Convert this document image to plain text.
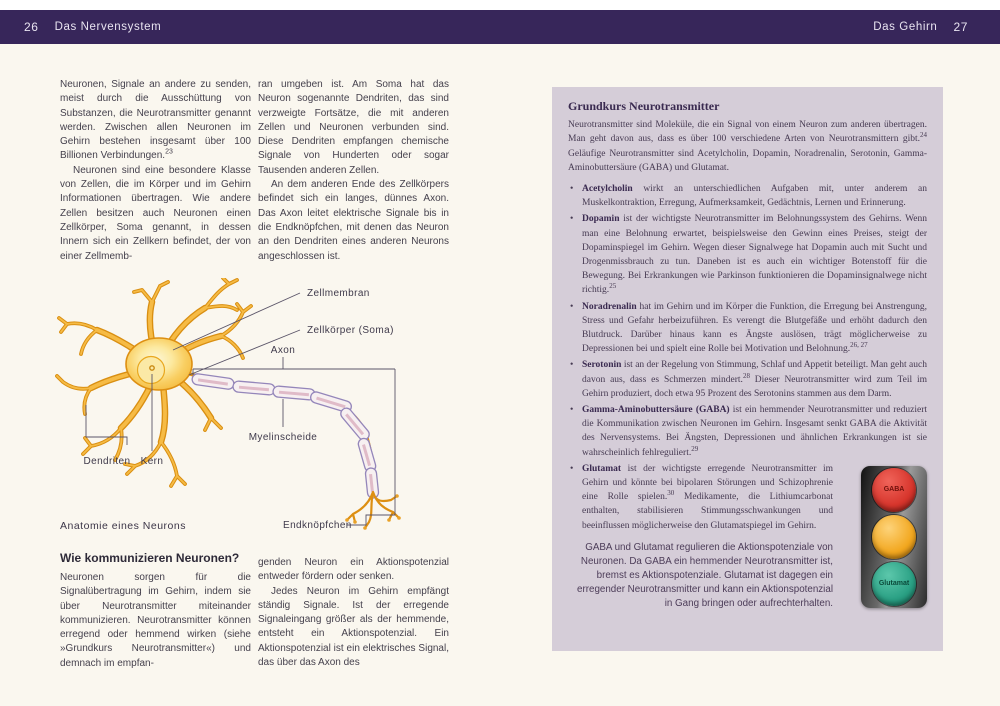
26 Das Nervensystem	Das Gehirn 27

Neuronen, Signale an andere zu senden, meist durch die Ausschüttung von Substanzen, die Neurotransmitter genannt werden. Zwischen allen Neuronen im Gehirn bestehen insgesamt über 100 Billionen Verbindungen.$^{23}$

Neuronen sind eine besondere Klasse von Zellen, die im Körper und im Gehirn Informationen übertragen. Wie andere Zellen besitzen auch Neuronen einen Zellkörper, Soma genannt, in dessen Innern sich ein Zellkern befindet, der von einer Zellmemb-

ran umgeben ist. Am Soma hat das Neuron sogenannte Dendriten, das sind verzweigte Fortsätze, die mit anderen Zellen und Neuronen verbunden sind. Diese Dendriten empfangen chemische Signale von Hunderten oder sogar Tausenden anderen Zellen.

An dem anderen Ende des Zellkörpers befindet sich ein langes, dünnes Axon. Das Axon leitet elektrische Signale bis in die Endknöpfchen, mit denen das Neuron an den Dendriten eines anderen Neurons angeschlossen ist.

Zellmembran
Zellkörper (Soma)
Axon
Myelinscheide
Dendriten Kern
Endknöpfchen
Anatomie eines Neurons
Wie kommunizieren Neuronen?

Neuronen sorgen für die Signalübertragung im Gehirn, indem sie über Neurotransmitter miteinander kommunizieren. Neurotransmitter können erregend oder hemmend wirken (siehe »Grundkurs Neurotransmitter«) und demnach im empfan-

genden Neuron ein Aktionspotenzial entweder fördern oder senken.

Jedes Neuron im Gehirn empfängt ständig Signale. Ist der erregende Signaleingang größer als der hemmende, entsteht ein Aktionspotenzial. Ein Aktionspotenzial ist ein elektrisches Signal, das über das Axon des

Grundkurs Neurotransmitter

Neurotransmitter sind Moleküle, die ein Signal von einem Neuron zum anderen übertragen. Man geht davon aus, dass es über 100 verschiedene Arten von Neurotransmittern gibt.$^{24}$ Geläufige Neurotransmitter sind Acetylcholin, Dopamin, Noradrenalin, Serotonin, Gamma-Aminobuttersäure (GABA) und Glutamat.

• Acetylcholin wirkt an unterschiedlichen Aufgaben mit, unter anderem an Muskelkontraktion, Erregung, Aufmerksamkeit, Gedächtnis, Lernen und Erinnerung.
• Dopamin ist der wichtigste Neurotransmitter im Belohnungssystem des Gehirns. Wenn man eine Belohnung erwartet, beispielsweise den Gewinn eines Preises, steigt der Dopaminspiegel im Gehirn. Wegen dieser Signalwege hat Dopamin auch mit Sucht und Drogenmissbrauch zu tun. Daneben ist es auch ein wichtiger Botenstoff für die Bewegung. Bei Erkrankungen wie Parkinson funktionieren die Dopaminsignalwege nicht richtig.$^{25}$
• Noradrenalin hat im Gehirn und im Körper die Funktion, die Erregung bei Anstrengung, Stress und Gefahr herbeizuführen. Es verengt die Blutgefäße und erhöht dadurch den Blutdruck. Darüber hinaus kann es Ängste auslösen, trägt möglicherweise zu Depressionen bei und spielt eine Rolle bei Motivation und Belohnung.$^{26, 27}$
• Serotonin ist an der Regelung von Stimmung, Schlaf und Appetit beteiligt. Man geht auch davon aus, dass es Schmerzen mindert.$^{28}$ Dieser Neurotransmitter wird zum Teil im Gehirn produziert, doch etwa 95 Prozent des Serotonins stammen aus dem Darm.
• Gamma-Aminobuttersäure (GABA) ist ein hemmender Neurotransmitter und reduziert die Kommunikation zwischen Neuronen im Gehirn. Insgesamt senkt GABA die Aktivität des Nervensystems. Bei Ängsten, Depressionen und ähnlichen Erkrankungen ist sie wahrscheinlich fehlreguliert.$^{29}$
GABA
Glutamat
• Glutamat ist der wichtigste erregende Neurotransmitter im Gehirn und könnte bei bipolaren Störungen und Schizophrenie eine Rolle spielen.$^{30}$ Medikamente, die Lithiumcarbonat enthalten, stabilisieren Stimmungsschwankungen und beeinflussen möglicherweise den Glutamatspiegel im Gehirn.

GABA und Glutamat regulieren die Aktionspotenziale von Neuronen. Da GABA ein hemmender Neurotransmitter ist, bremst es Aktionspotenziale. Glutamat ist dagegen ein erregender Neurotransmitter und kann ein Aktionspotenzial in Gang bringen oder aufrechterhalten.
